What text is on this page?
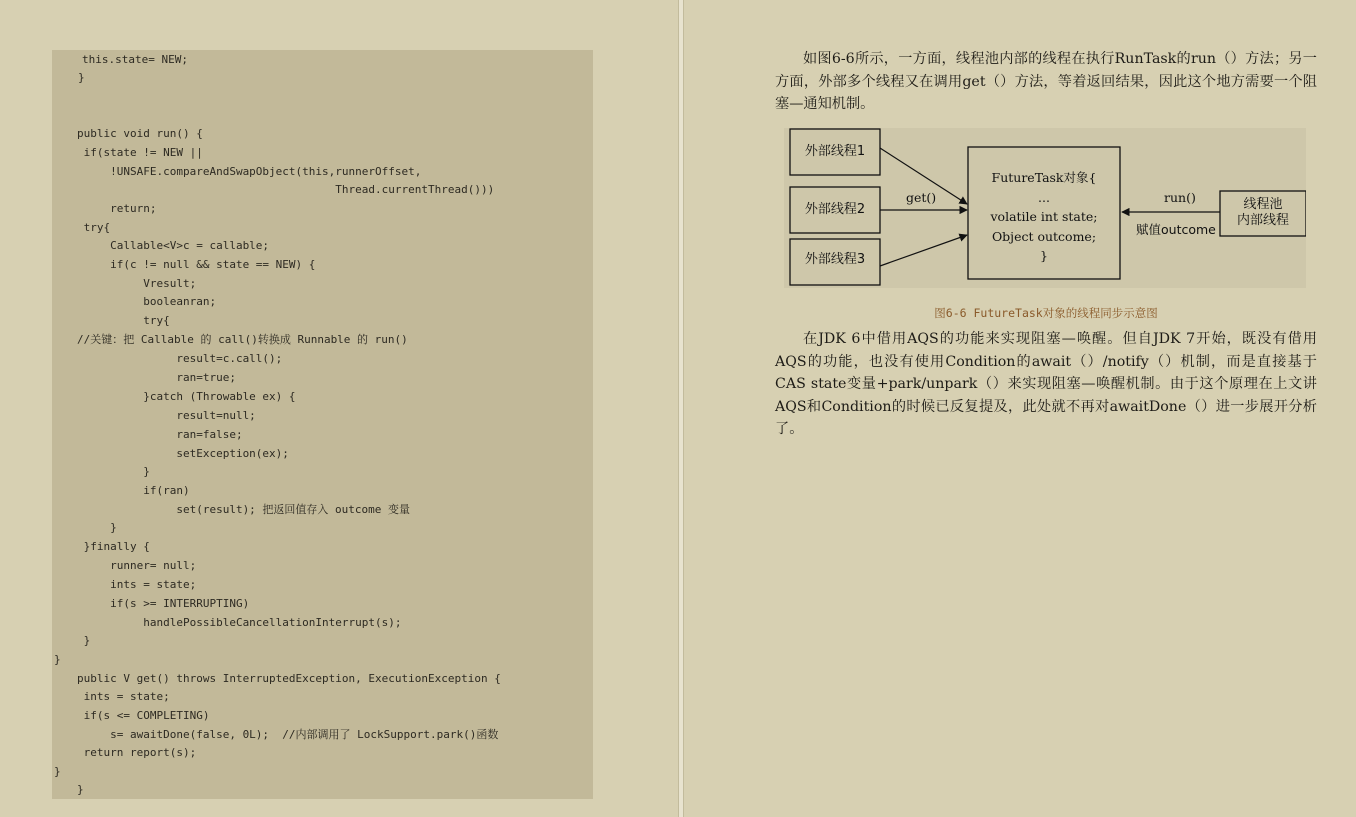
this.state= NEW;
}
public void run() {
if(state != NEW ||
!UNSAFE.compareAndSwapObject(this,runnerOffset,
Thread.currentThread()))
return;
try{
Callable<V>c = callable;
if(c != null && state == NEW) {
Vresult;
booleanran;
try{
//关键：把 Callable 的 call()转换成 Runnable 的 run()
result=c.call();
ran=true;
}catch (Throwable ex) {
result=null;
ran=false;
setException(ex);
}
if(ran)
set(result); 把返回值存入 outcome 变量
}
}finally {
runner= null;
ints = state;
if(s >= INTERRUPTING)
handlePossibleCancellationInterrupt(s);
}
}
public V get() throws InterruptedException, ExecutionException {
ints = state;
if(s <= COMPLETING)
s= awaitDone(false, 0L);  //内部调用了 LockSupport.park()函数
return report(s);
}
}

如图6-6所示，一方面，线程池内部的线程在执行RunTask的run（）方法；另一方面，外部多个线程又在调用get（）方法，等着返回结果，因此这个地方需要一个阻塞—通知机制。

外部线程1
外部线程2
外部线程3
FutureTask对象{
...
volatile int state;
Object outcome;
}
get()	run()
赋值outcome
线程池
内部线程
图6-6 FutureTask对象的线程同步示意图

在JDK 6中借用AQS的功能来实现阻塞—唤醒。但自JDK 7开始，既没有借用AQS的功能，也没有使用Condition的await（）/notify（）机制，而是直接基于CAS state变量+park/unpark（）来实现阻塞—唤醒机制。由于这个原理在上文讲AQS和Condition的时候已反复提及，此处就不再对awaitDone（）进一步展开分析了。
